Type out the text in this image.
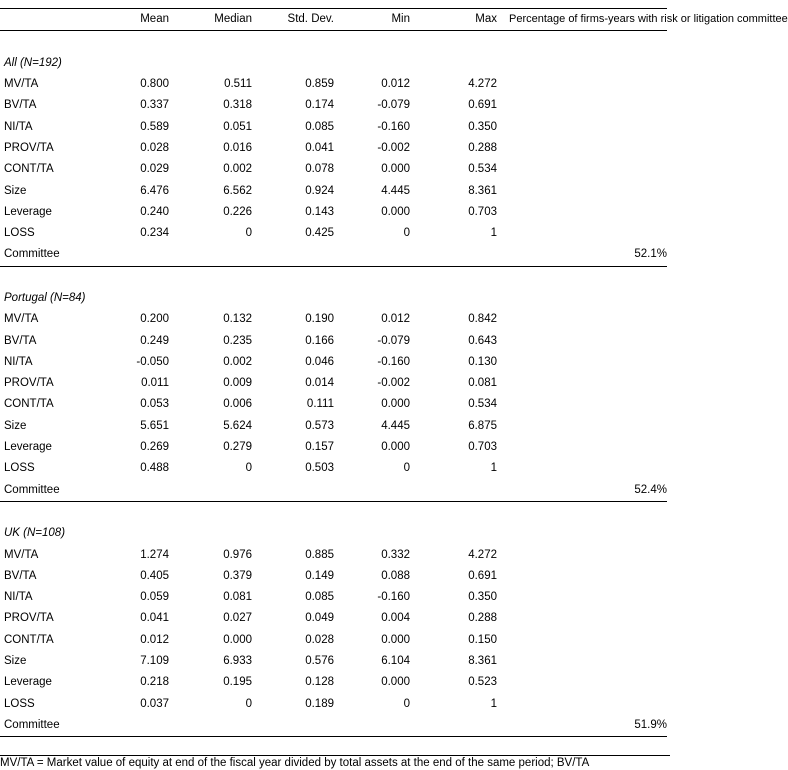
	Mean	Median	Std. Dev.	Min	Max	Percentage of firms-years with risk or litigation committee

All (N=192)						
MV/TA	0.800	0.511	0.859	0.012	4.272	
BV/TA	0.337	0.318	0.174	-0.079	0.691	
NI/TA	0.589	0.051	0.085	-0.160	0.350	
PROV/TA	0.028	0.016	0.041	-0.002	0.288	
CONT/TA	0.029	0.002	0.078	0.000	0.534	
Size	6.476	6.562	0.924	4.445	8.361	
Leverage	0.240	0.226	0.143	0.000	0.703	
LOSS	0.234	0	0.425	0	1	
Committee						52.1%

Portugal (N=84)						
MV/TA	0.200	0.132	0.190	0.012	0.842	
BV/TA	0.249	0.235	0.166	-0.079	0.643	
NI/TA	-0.050	0.002	0.046	-0.160	0.130	
PROV/TA	0.011	0.009	0.014	-0.002	0.081	
CONT/TA	0.053	0.006	0.111	0.000	0.534	
Size	5.651	5.624	0.573	4.445	6.875	
Leverage	0.269	0.279	0.157	0.000	0.703	
LOSS	0.488	0	0.503	0	1	
Committee						52.4%

UK (N=108)						
MV/TA	1.274	0.976	0.885	0.332	4.272	
BV/TA	0.405	0.379	0.149	0.088	0.691	
NI/TA	0.059	0.081	0.085	-0.160	0.350	
PROV/TA	0.041	0.027	0.049	0.004	0.288	
CONT/TA	0.012	0.000	0.028	0.000	0.150	
Size	7.109	6.933	0.576	6.104	8.361	
Leverage	0.218	0.195	0.128	0.000	0.523	
LOSS	0.037	0	0.189	0	1	
Committee						51.9%

MV/TA = Market value of equity at end of the fiscal year divided by total assets at the end of the same period; BV/TA
